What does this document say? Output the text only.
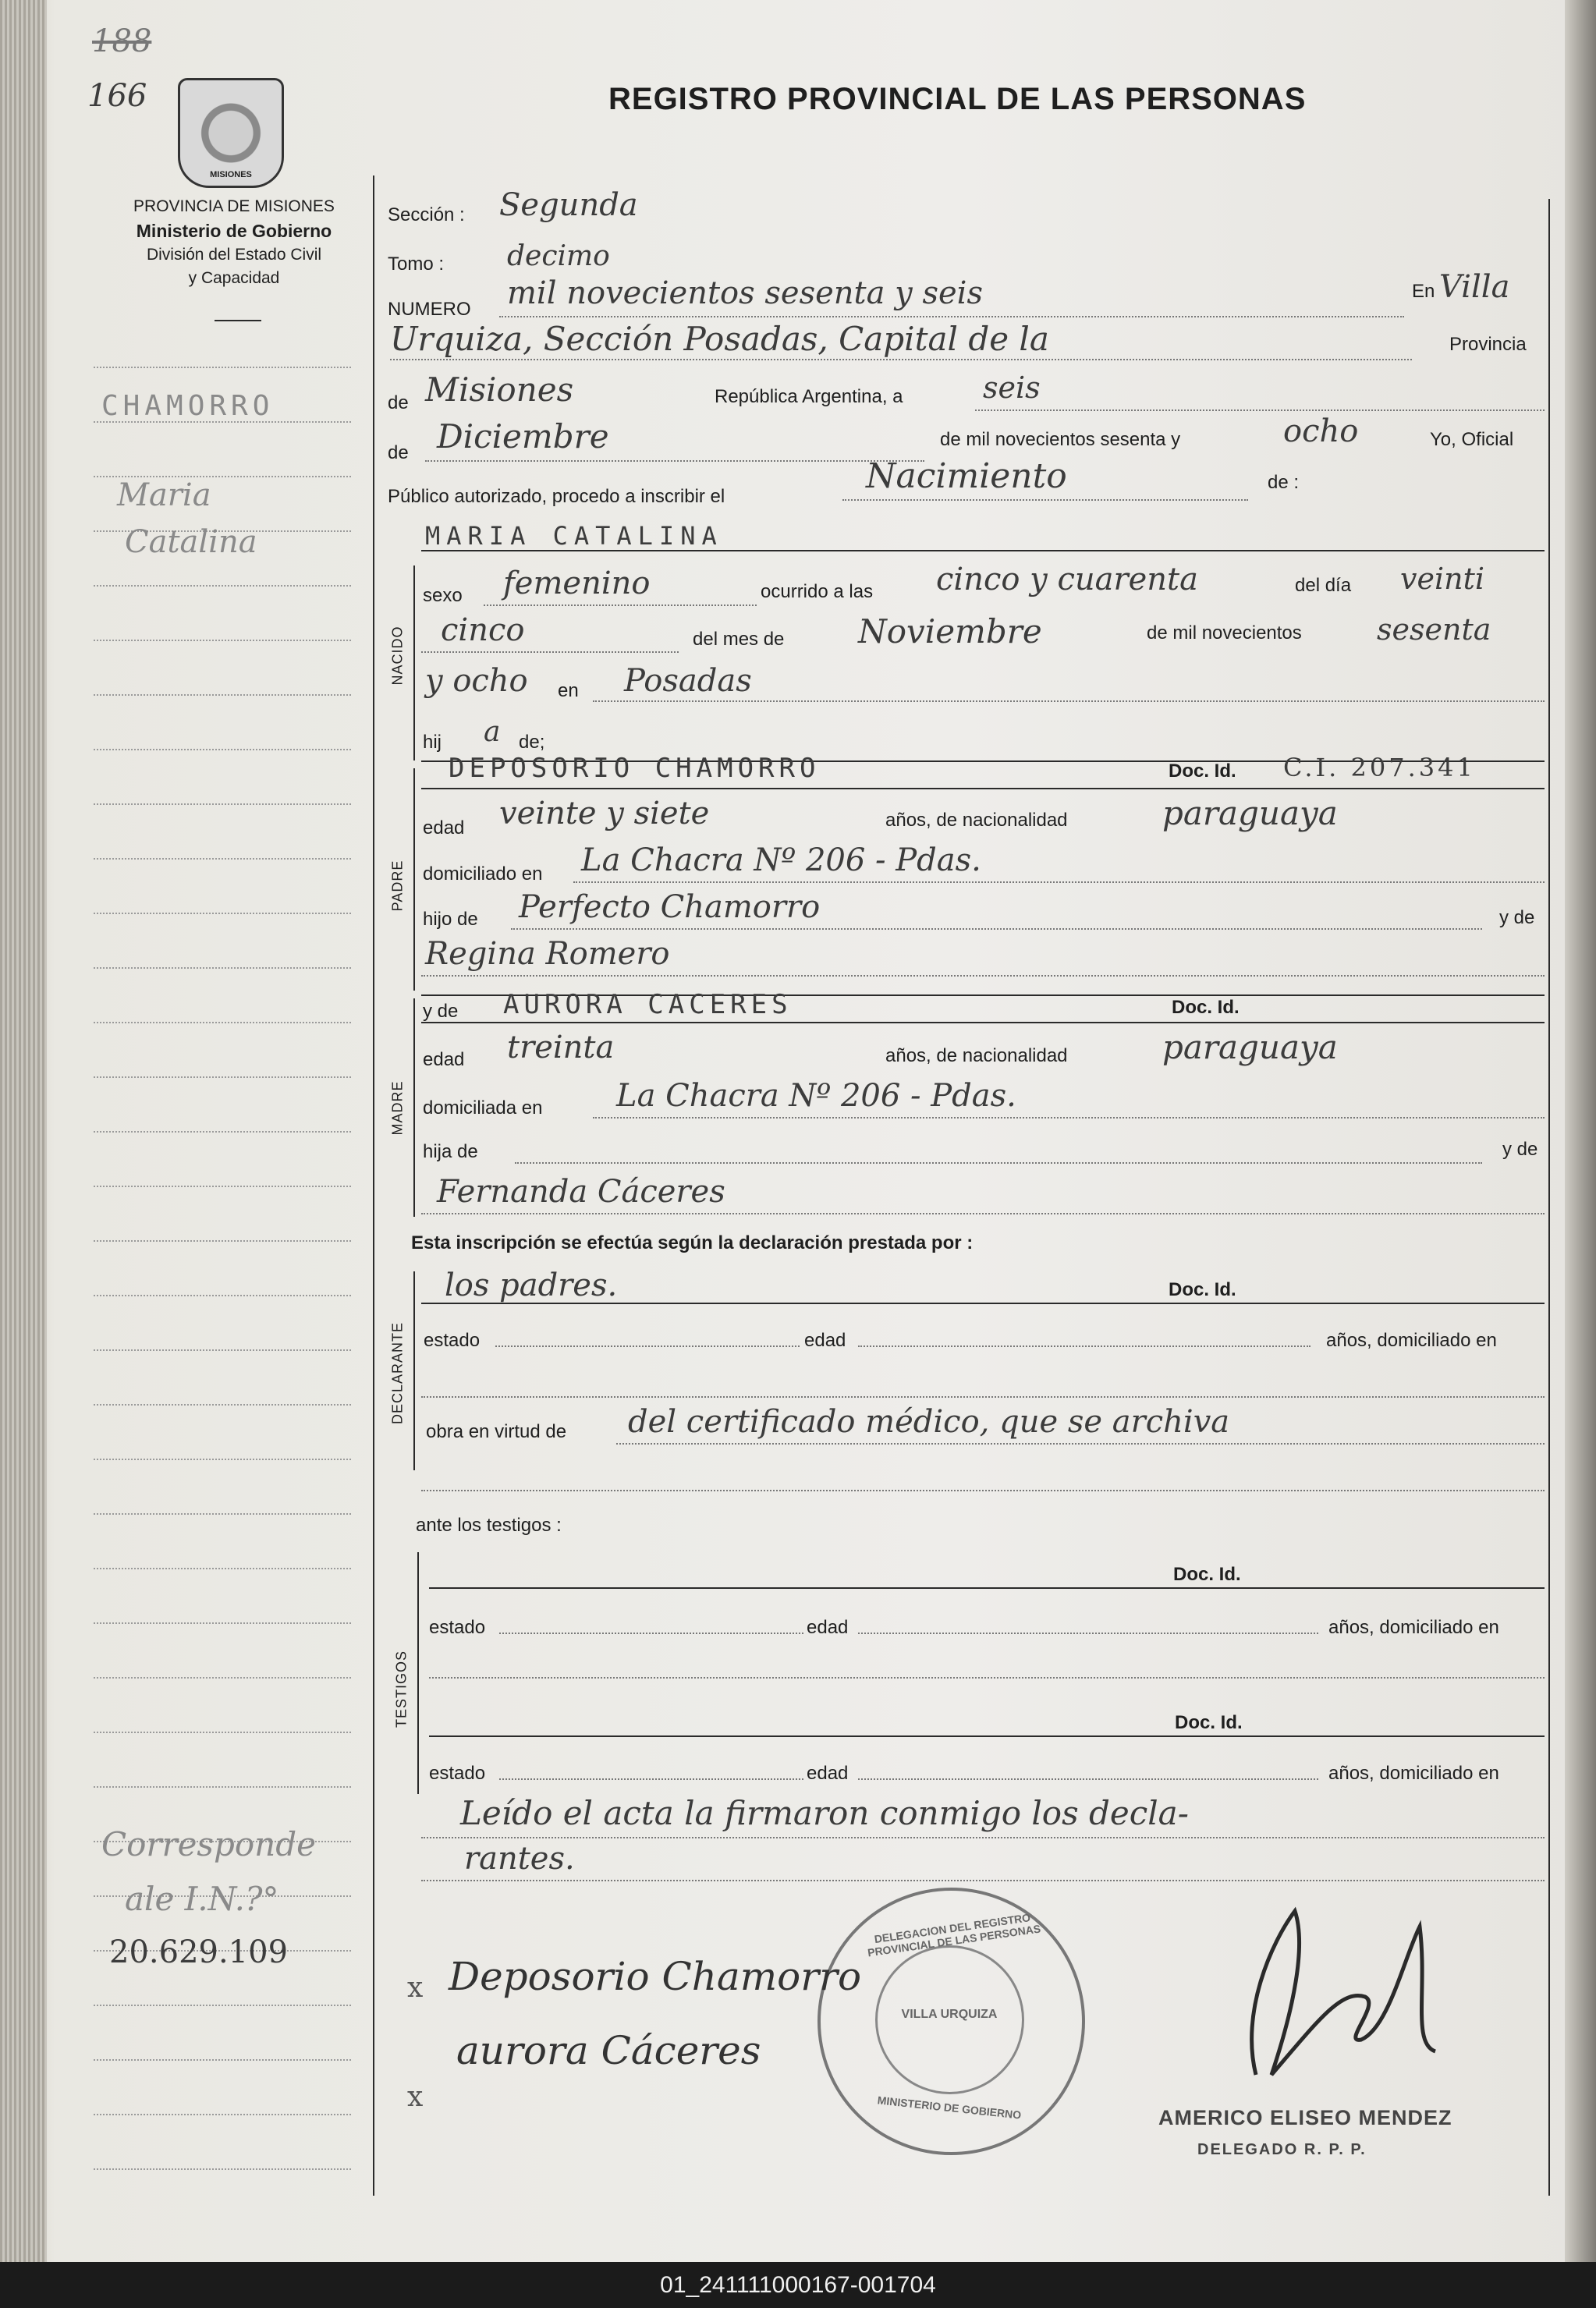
188
166
MISIONES
PROVINCIA DE MISIONES
Ministerio de Gobierno
División del Estado Civil
y Capacidad
REGISTRO PROVINCIAL DE LAS PERSONAS
CHAMORRO
Maria
Catalina
Corresponde
ale I.N.?°
20.629.109
NACIDO
PADRE
MADRE
DECLARANTE
TESTIGOS
Sección : Segunda
Tomo : decimo
NUMERO mil novecientos sesenta y seis	En Villa
Urquiza, Sección Posadas, Capital de la	Provincia
de Misiones	República Argentina, a	seis
de Diciembre	de mil novecientos sesenta y	ocho	Yo, Oficial
Público autorizado, procedo a inscribir el
Nacimiento	de :
MARIA CATALINA
sexo femenino	ocurrido a las cinco y cuarenta	del día veinti
cinco	del mes de Noviembre	de mil novecientos	sesenta
y ocho en Posadas
hij a de;
DEPOSORIO CHAMORRO	Doc. Id. C.I. 207.341
edad veinte y siete	años, de nacionalidad	paraguaya
domiciliado en La Chacra Nº 206 - Pdas.
hijo de Perfecto Chamorro	y de
Regina Romero
y de AURORA CACERES	Doc. Id.
edad treinta	años, de nacionalidad	paraguaya
domiciliada en La Chacra Nº 206 - Pdas.
hija de	y de
Fernanda Cáceres
Esta inscripción se efectúa según la declaración prestada por :
los padres.	Doc. Id.
estado	edad	años, domiciliado en
obra en virtud de del certificado médico, que se archiva
ante los testigos :
Doc. Id.
estado	edad	años, domiciliado en
Doc. Id.
estado	edad	años, domiciliado en
Leído el acta la firmaron conmigo los decla-
rantes.
DELEGACION DEL REGISTRO PROVINCIAL DE LAS PERSONAS
VILLA URQUIZA
MINISTERIO DE GOBIERNO
x Deposorio Chamorro
aurora Cáceres
x
AMERICO ELISEO MENDEZ
DELEGADO R. P. P.
01_241111000167-001704
